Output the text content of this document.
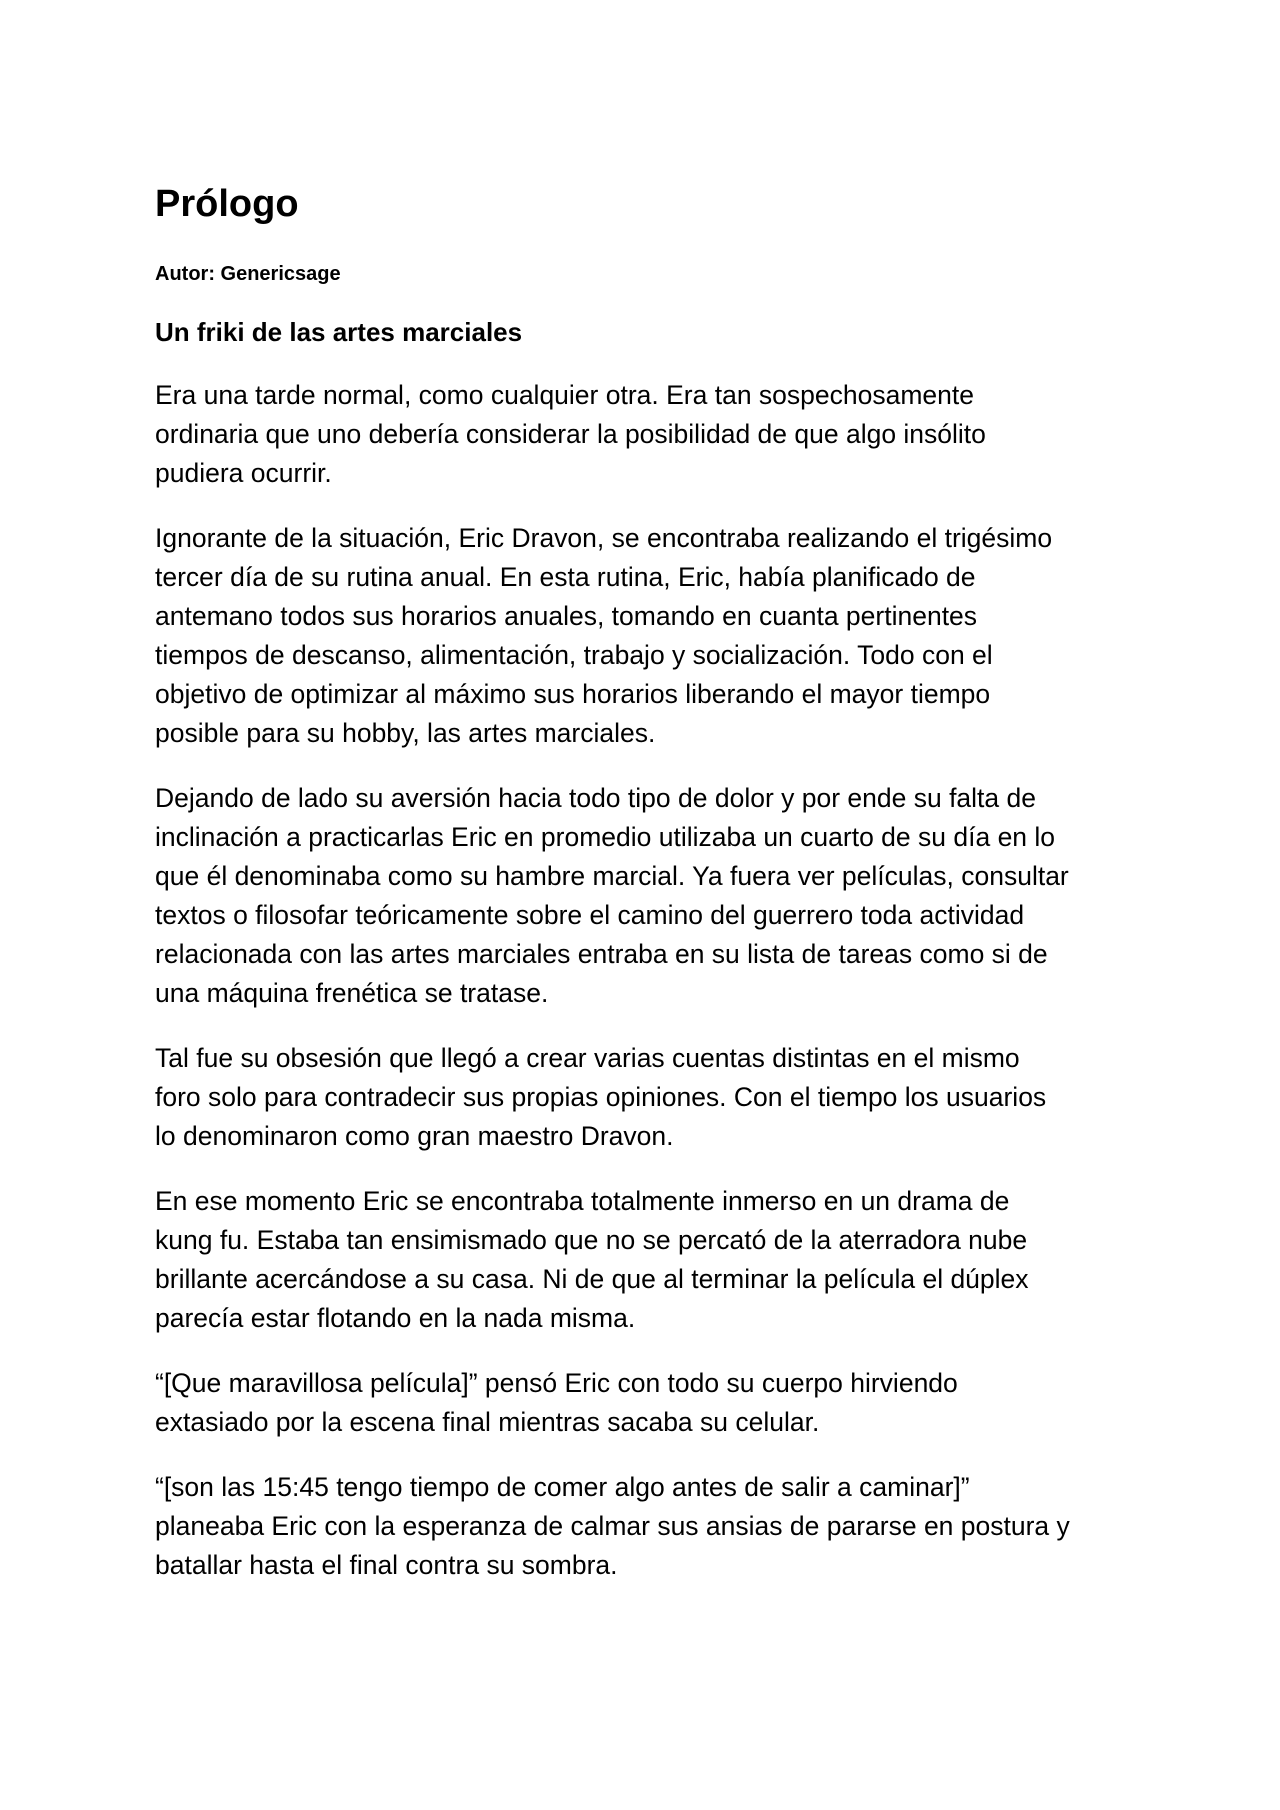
Prólogo

Autor: Genericsage

Un friki de las artes marciales

Era una tarde normal, como cualquier otra. Era tan sospechosamente
ordinaria que uno debería considerar la posibilidad de que algo insólito
pudiera ocurrir.

Ignorante de la situación, Eric Dravon, se encontraba realizando el trigésimo
tercer día de su rutina anual. En esta rutina, Eric, había planificado de
antemano todos sus horarios anuales, tomando en cuanta pertinentes
tiempos de descanso, alimentación, trabajo y socialización. Todo con el
objetivo de optimizar al máximo sus horarios liberando el mayor tiempo
posible para su hobby, las artes marciales.

Dejando de lado su aversión hacia todo tipo de dolor y por ende su falta de
inclinación a practicarlas Eric en promedio utilizaba un cuarto de su día en lo
que él denominaba como su hambre marcial. Ya fuera ver películas, consultar
textos o filosofar teóricamente sobre el camino del guerrero toda actividad
relacionada con las artes marciales entraba en su lista de tareas como si de
una máquina frenética se tratase.

Tal fue su obsesión que llegó a crear varias cuentas distintas en el mismo
foro solo para contradecir sus propias opiniones. Con el tiempo los usuarios
lo denominaron como gran maestro Dravon.

En ese momento Eric se encontraba totalmente inmerso en un drama de
kung fu. Estaba tan ensimismado que no se percató de la aterradora nube
brillante acercándose a su casa. Ni de que al terminar la película el dúplex
parecía estar flotando en la nada misma.

“[Que maravillosa película]” pensó Eric con todo su cuerpo hirviendo
extasiado por la escena final mientras sacaba su celular.

“[son las 15:45 tengo tiempo de comer algo antes de salir a caminar]”
planeaba Eric con la esperanza de calmar sus ansias de pararse en postura y
batallar hasta el final contra su sombra.
